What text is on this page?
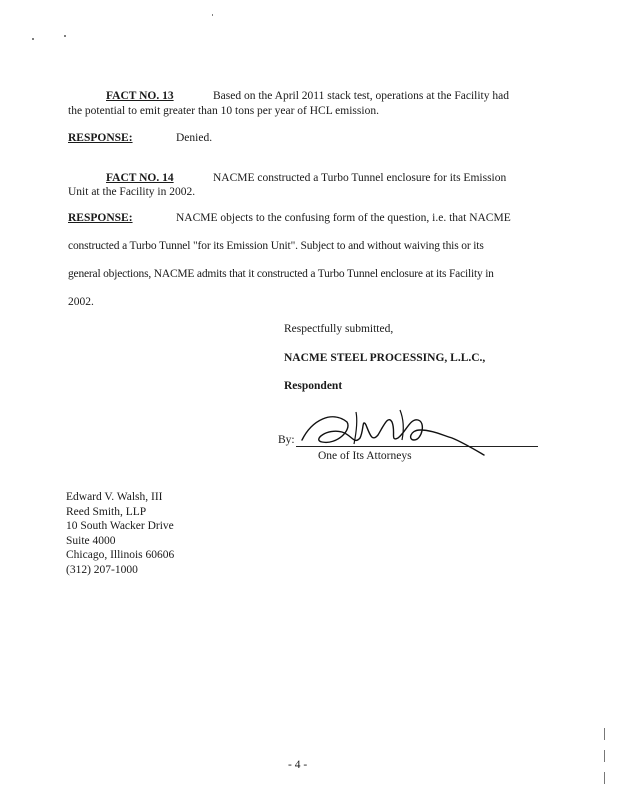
FACT NO. 13	Based on the April 2011 stack test, operations at the Facility had
the potential to emit greater than 10 tons per year of HCL emission.
RESPONSE:	Denied.
FACT NO. 14	NACME constructed a Turbo Tunnel enclosure for its Emission
Unit at the Facility in 2002.
RESPONSE:	NACME objects to the confusing form of the question, i.e. that NACME
constructed a Turbo Tunnel "for its Emission Unit". Subject to and without waiving this or its
general objections, NACME admits that it constructed a Turbo Tunnel enclosure at its Facility in
2002.
Respectfully submitted,
NACME STEEL PROCESSING, L.L.C.,
Respondent
By:
One of Its Attorneys
Edward V. Walsh, III
Reed Smith, LLP
10 South Wacker Drive
Suite 4000
Chicago, Illinois 60606
(312) 207-1000
- 4 -
